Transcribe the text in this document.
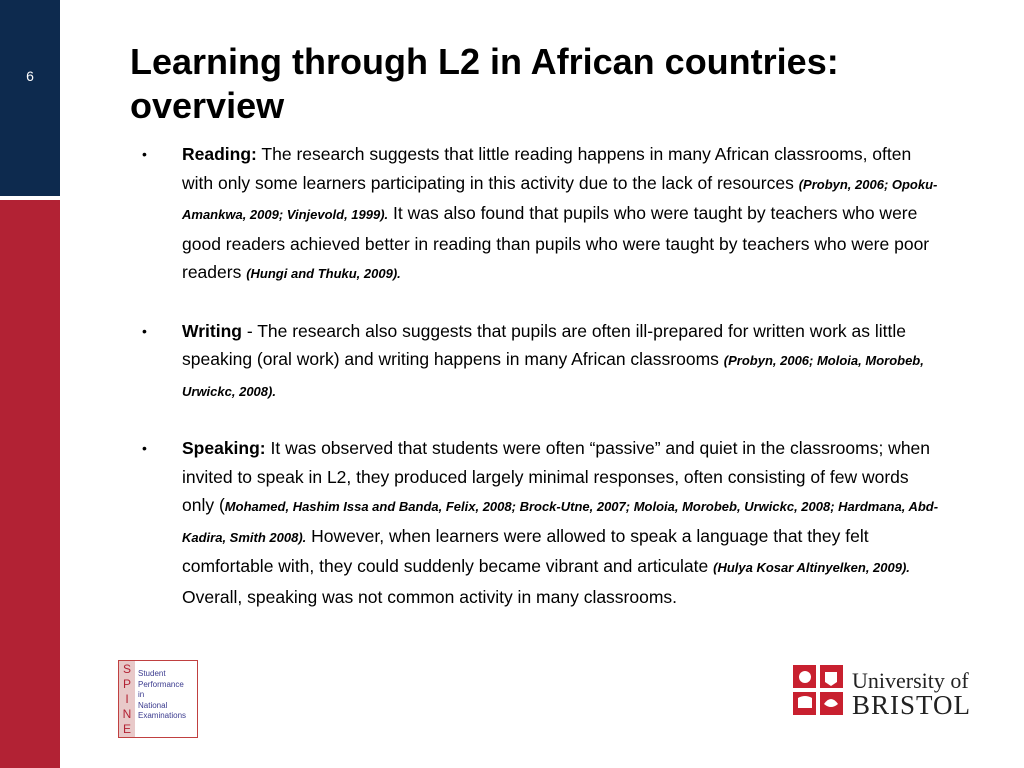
6	Learning through L2 in African countries: overview
• Reading: The research suggests that little reading happens in many African classrooms, often with only some learners participating in this activity due to the lack of resources (Probyn, 2006; Opoku-Amankwa, 2009; Vinjevold, 1999). It was also found that pupils who were taught by teachers who were good readers achieved better in reading than pupils who were taught by teachers who were poor readers (Hungi and Thuku, 2009).
• Writing - The research also suggests that pupils are often ill-prepared for written work as little speaking (oral work) and writing happens in many African classrooms (Probyn, 2006; Moloia, Morobeb, Urwickc, 2008).
• Speaking: It was observed that students were often “passive” and quiet in the classrooms; when invited to speak in L2, they produced largely minimal responses, often consisting of few words only (Mohamed, Hashim Issa and Banda, Felix, 2008; Brock-Utne, 2007; Moloia, Morobeb, Urwickc, 2008; Hardmana, Abd-Kadira, Smith 2008). However, when learners were allowed to speak a language that they felt comfortable with, they could suddenly became vibrant and articulate (Hulya Kosar Altinyelken, 2009). Overall, speaking was not common activity in many classrooms.
S
P
I
N
E
Student
Performance
in
National
Examinations
University of
BRISTOL
